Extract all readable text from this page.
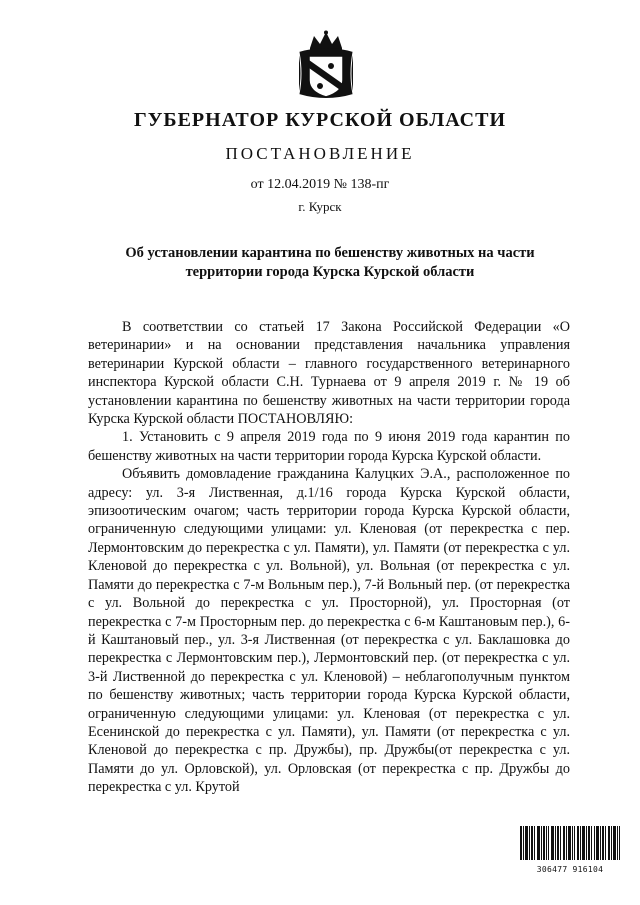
ГУБЕРНАТОР КУРСКОЙ ОБЛАСТИ
ПОСТАНОВЛЕНИЕ
от 12.04.2019 № 138-пг
г. Курск
Об установлении карантина по бешенству животных на части территории города Курска Курской области

В соответствии со статьей 17 Закона Российской Федерации «О ветеринарии» и на основании представления начальника управления ветеринарии Курской области – главного государственного ветеринарного инспектора Курской области С.Н. Турнаева от 9 апреля 2019 г. № 19 об установлении карантина по бешенству животных на части территории города Курска Курской области ПОСТАНОВЛЯЮ:

1. Установить с 9 апреля 2019 года по 9 июня 2019 года карантин по бешенству животных на части территории города Курска Курской области.

Объявить домовладение гражданина Калуцких Э.А., расположенное по адресу: ул. 3-я Лиственная, д.1/16 города Курска Курской области, эпизоотическим очагом; часть территории города Курска Курской области, ограниченную следующими улицами: ул. Кленовая (от перекрестка с пер. Лермонтовским до перекрестка с ул. Памяти), ул. Памяти (от перекрестка с ул. Кленовой до перекрестка с ул. Вольной), ул. Вольная (от перекрестка с ул. Памяти до перекрестка с 7-м Вольным пер.), 7-й Вольный пер. (от перекрестка с ул. Вольной до перекрестка с ул. Просторной), ул. Просторная (от перекрестка с 7-м Просторным пер. до перекрестка с 6-м Каштановым пер.), 6-й Каштановый пер., ул. 3-я Лиственная (от перекрестка с ул. Баклашовка до перекрестка с Лермонтовским пер.), Лермонтовский пер. (от перекрестка с ул. 3-й Лиственной до перекрестка с ул. Кленовой) – неблагополучным пунктом по бешенству животных; часть территории города Курска Курской области, ограниченную следующими улицами: ул. Кленовая (от перекрестка с ул. Есенинской до перекрестка с ул. Памяти), ул. Памяти (от перекрестка с ул. Кленовой до перекрестка с пр. Дружбы), пр. Дружбы(от перекрестка с ул. Памяти до ул. Орловской), ул. Орловская (от перекрестка с пр. Дружбы до перекрестка с ул. Крутой

306477 916104
